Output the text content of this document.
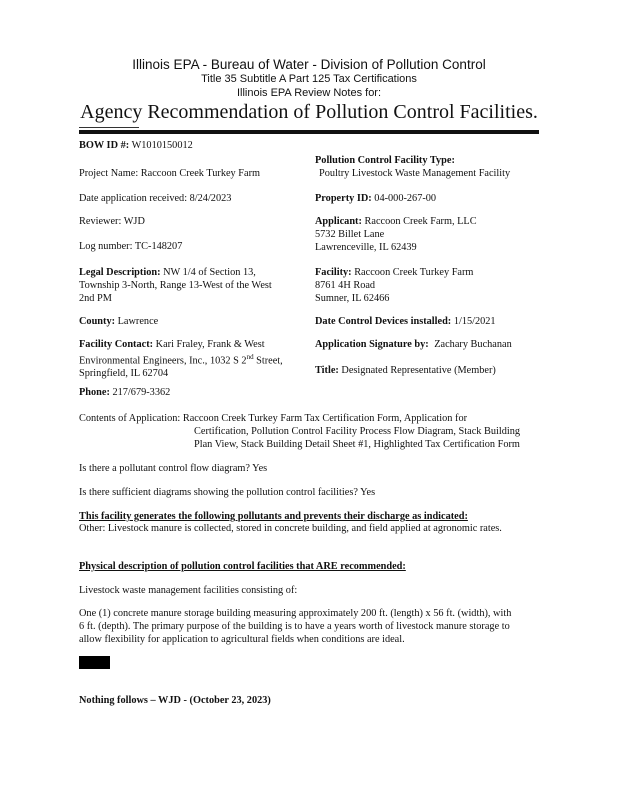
Illinois EPA - Bureau of Water - Division of Pollution Control
Title 35 Subtitle A Part 125 Tax Certifications
Illinois EPA Review Notes for:
Agency Recommendation of Pollution Control Facilities.
BOW ID #: W1010150012
Project Name: Raccoon Creek Turkey Farm
Date application received: 8/24/2023
Reviewer: WJD
Log number: TC-148207
Legal Description: NW 1/4 of Section 13,
Township 3-North, Range 13-West of the West
2nd PM
County: Lawrence
Facility Contact: Kari Fraley, Frank & West
Environmental Engineers, Inc., 1032 S 2nd Street,
Springfield, IL 62704
Phone: 217/679-3362
Pollution Control Facility Type:
Poultry Livestock Waste Management Facility
Property ID: 04-000-267-00
Applicant: Raccoon Creek Farm, LLC
5732 Billet Lane
Lawrenceville, IL 62439
Facility: Raccoon Creek Turkey Farm
8761 4H Road
Sumner, IL 62466
Date Control Devices installed: 1/15/2021
Application Signature by: Zachary Buchanan
Title: Designated Representative (Member)
Contents of Application: Raccoon Creek Turkey Farm Tax Certification Form, Application for
Certification, Pollution Control Facility Process Flow Diagram, Stack Building
Plan View, Stack Building Detail Sheet #1, Highlighted Tax Certification Form
Is there a pollutant control flow diagram? Yes
Is there sufficient diagrams showing the pollution control facilities? Yes
This facility generates the following pollutants and prevents their discharge as indicated:
Other: Livestock manure is collected, stored in concrete building, and field applied at agronomic rates.
Physical description of pollution control facilities that ARE recommended:
Livestock waste management facilities consisting of:
One (1) concrete manure storage building measuring approximately 200 ft. (length) x 56 ft. (width), with
6 ft. (depth). The primary purpose of the building is to have a years worth of livestock manure storage to
allow flexibility for application to agricultural fields when conditions are ideal.
Nothing follows – WJD - (October 23, 2023)
